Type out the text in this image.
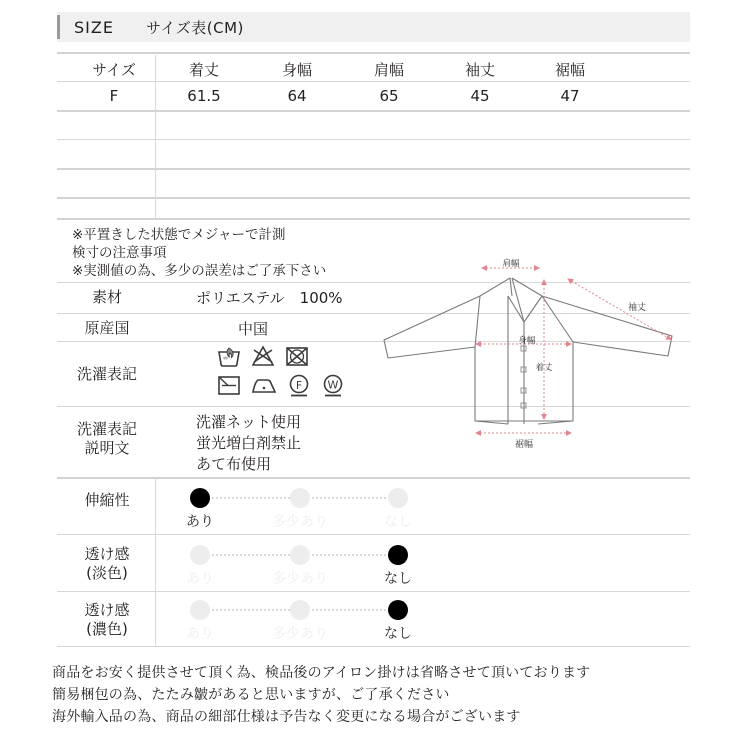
SIZE サイズ表(CM)
サイズ	着丈	身幅	肩幅	袖丈	裾幅
F	61.5	64	65	45	47
※平置きした状態でメジャーで計測
検寸の注意事項
※実測値の為、多少の誤差はご了承下さい
素材	ポリエステル　100%
原産国	中国
洗濯表記
F W
洗濯表記
説明文
洗濯ネット使用
蛍光増白剤禁止
あて布使用
伸縮性
あり	多少あり	なし
透け感
(淡色)	あり	多少あり	なし
透け感
(濃色)	あり	多少あり	なし
肩幅
袖丈
身幅
着丈
裾幅
商品をお安く提供させて頂く為、検品後のアイロン掛けは省略させて頂いております
簡易梱包の為、たたみ皺があると思いますが、ご了承ください
海外輸入品の為、商品の細部仕様は予告なく変更になる場合がございます
